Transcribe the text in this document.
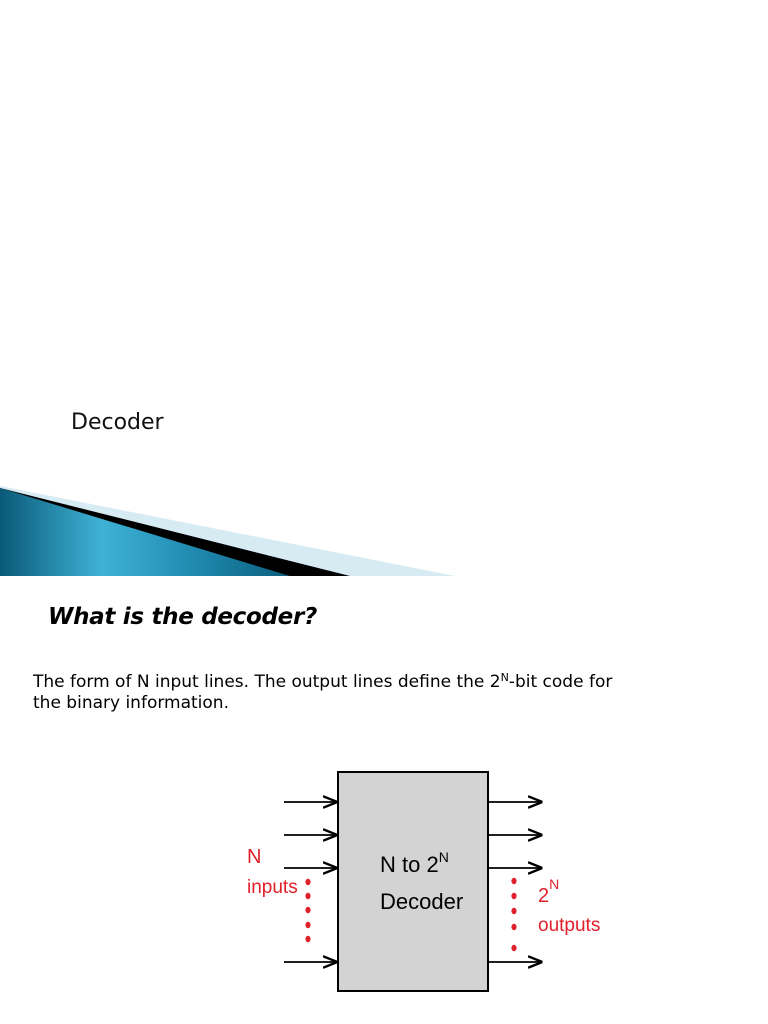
Decoder
What is the decoder?
The form of N input lines. The output lines define the $2^N$-bit code for
the binary information.
N to $2^N$
Decoder
N
inputs	$2^N$
outputs
